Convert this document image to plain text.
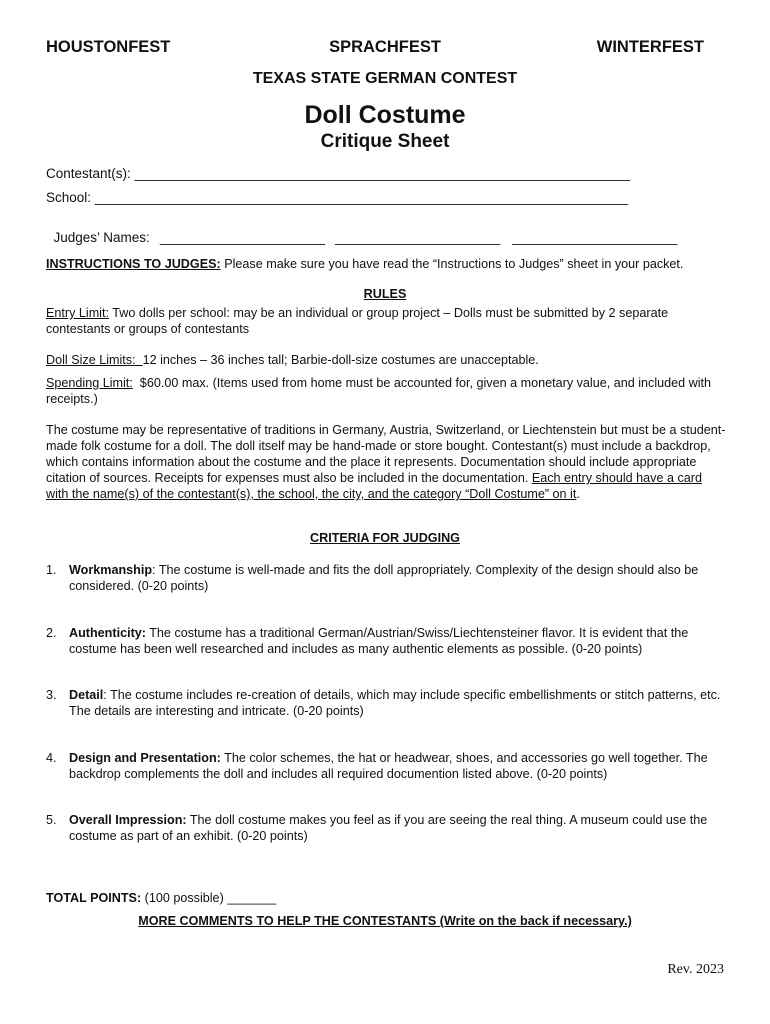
HOUSTONFEST	SPRACHFEST	WINTERFEST
TEXAS STATE GERMAN CONTEST
Doll Costume
Critique Sheet
Contestant(s): __________________________________________________________________
School: _______________________________________________________________________

Judges’ Names: ______________________ ______________________ ______________________

INSTRUCTIONS TO JUDGES: Please make sure you have read the “Instructions to Judges” sheet in your packet.
RULES
Entry Limit: Two dolls per school: may be an individual or group project – Dolls must be submitted by 2 separate contestants or groups of contestants
Doll Size Limits:  12 inches – 36 inches tall; Barbie-doll-size costumes are unacceptable.
Spending Limit:  $60.00 max. (Items used from home must be accounted for, given a monetary value, and included with receipts.)
The costume may be representative of traditions in Germany, Austria, Switzerland, or Liechtenstein but must be a student-made folk costume for a doll. The doll itself may be hand-made or store bought. Contestant(s) must include a backdrop, which contains information about the costume and the place it represents. Documentation should include appropriate citation of sources. Receipts for expenses must also be included in the documentation. Each entry should have a card with the name(s) of the contestant(s), the school, the city, and the category “Doll Costume” on it.
CRITERIA FOR JUDGING
1. Workmanship: The costume is well-made and fits the doll appropriately. Complexity of the design should also be considered. (0-20 points)
2. Authenticity: The costume has a traditional German/Austrian/Swiss/Liechtensteiner flavor. It is evident that the costume has been well researched and includes as many authentic elements as possible. (0-20 points)
3. Detail: The costume includes re-creation of details, which may include specific embellishments or stitch patterns, etc. The details are interesting and intricate. (0-20 points)
4. Design and Presentation: The color schemes, the hat or headwear, shoes, and accessories go well together. The backdrop complements the doll and includes all required documention listed above. (0-20 points)
5. Overall Impression: The doll costume makes you feel as if you are seeing the real thing. A museum could use the costume as part of an exhibit. (0-20 points)
TOTAL POINTS: (100 possible) _______
MORE COMMENTS TO HELP THE CONTESTANTS (Write on the back if necessary.)
Rev. 2023
